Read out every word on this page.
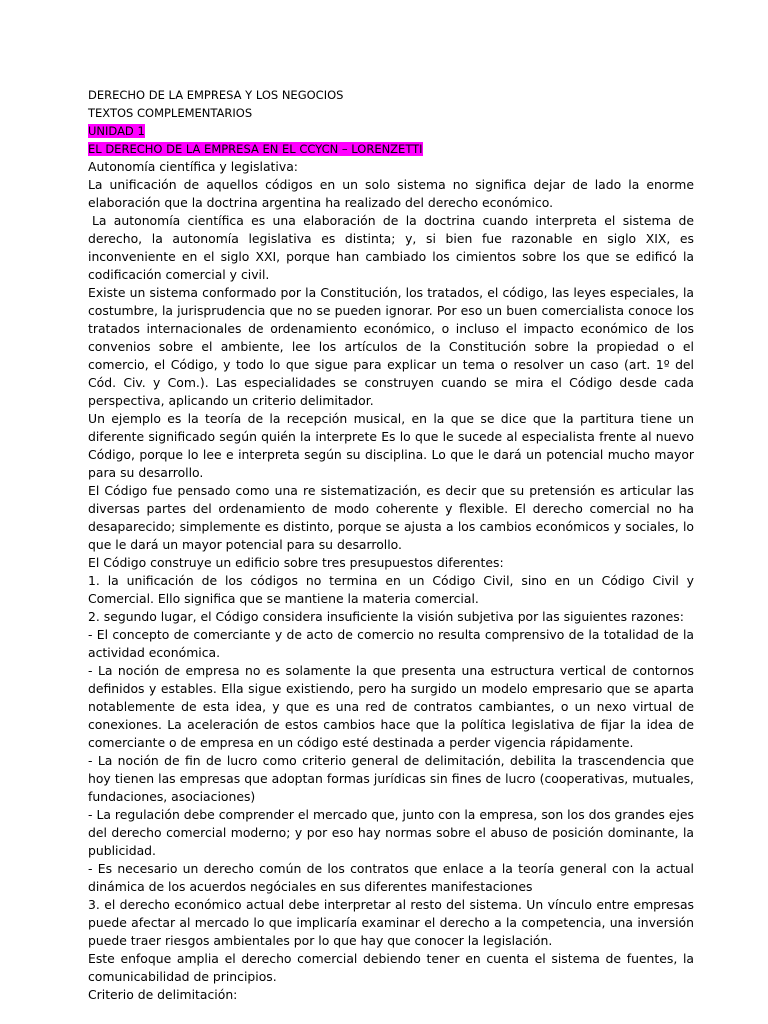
DERECHO DE LA EMPRESA Y LOS NEGOCIOS
TEXTOS COMPLEMENTARIOS
UNIDAD 1
EL DERECHO DE LA EMPRESA EN EL CCYCN – LORENZETTI

Autonomía científica y legislativa:

La unificación de aquellos códigos en un solo sistema no significa dejar de lado la enorme elaboración que la doctrina argentina ha realizado del derecho económico.

La autonomía científica es una elaboración de la doctrina cuando interpreta el sistema de derecho, la autonomía legislativa es distinta; y, si bien fue razonable en siglo XIX, es inconveniente en el siglo XXI, porque han cambiado los cimientos sobre los que se edificó la codificación comercial y civil.

Existe un sistema conformado por la Constitución, los tratados, el código, las leyes especiales, la costumbre, la jurisprudencia que no se pueden ignorar. Por eso un buen comercialista conoce los tratados internacionales de ordenamiento económico, o incluso el impacto económico de los convenios sobre el ambiente, lee los artículos de la Constitución sobre la propiedad o el comercio, el Código, y todo lo que sigue para explicar un tema o resolver un caso (art. 1º del Cód. Civ. y Com.). Las especialidades se construyen cuando se mira el Código desde cada perspectiva, aplicando un criterio delimitador.

Un ejemplo es la teoría de la recepción musical, en la que se dice que la partitura tiene un diferente significado según quién la interprete Es lo que le sucede al especialista frente al nuevo Código, porque lo lee e interpreta según su disciplina. Lo que le dará un potencial mucho mayor para su desarrollo.

El Código fue pensado como una re sistematización, es decir que su pretensión es articular las diversas partes del ordenamiento de modo coherente y flexible. El derecho comercial no ha desaparecido; simplemente es distinto, porque se ajusta a los cambios económicos y sociales, lo que le dará un mayor potencial para su desarrollo.

El Código construye un edificio sobre tres presupuestos diferentes:

1. la unificación de los códigos no termina en un Código Civil, sino en un Código Civil y Comercial. Ello significa que se mantiene la materia comercial.

2. segundo lugar, el Código considera insuficiente la visión subjetiva por las siguientes razones:

- El concepto de comerciante y de acto de comercio no resulta comprensivo de la totalidad de la actividad económica.

- La noción de empresa no es solamente la que presenta una estructura vertical de contornos definidos y estables. Ella sigue existiendo, pero ha surgido un modelo empresario que se aparta notablemente de esta idea, y que es una red de contratos cambiantes, o un nexo virtual de conexiones. La aceleración de estos cambios hace que la política legislativa de fijar la idea de comerciante o de empresa en un código esté destinada a perder vigencia rápidamente.

- La noción de fin de lucro como criterio general de delimitación, debilita la trascendencia que hoy tienen las empresas que adoptan formas jurídicas sin fines de lucro (cooperativas, mutuales, fundaciones, asociaciones)

- La regulación debe comprender el mercado que, junto con la empresa, son los dos grandes ejes del derecho comercial moderno; y por eso hay normas sobre el abuso de posición dominante, la publicidad.

- Es necesario un derecho común de los contratos que enlace a la teoría general con la actual dinámica de los acuerdos negóciales en sus diferentes manifestaciones

3. el derecho económico actual debe interpretar al resto del sistema. Un vínculo entre empresas puede afectar al mercado lo que implicaría examinar el derecho a la competencia, una inversión puede traer riesgos ambientales por lo que hay que conocer la legislación.

Este enfoque amplia el derecho comercial debiendo tener en cuenta el sistema de fuentes, la comunicabilidad de principios.

Criterio de delimitación:
